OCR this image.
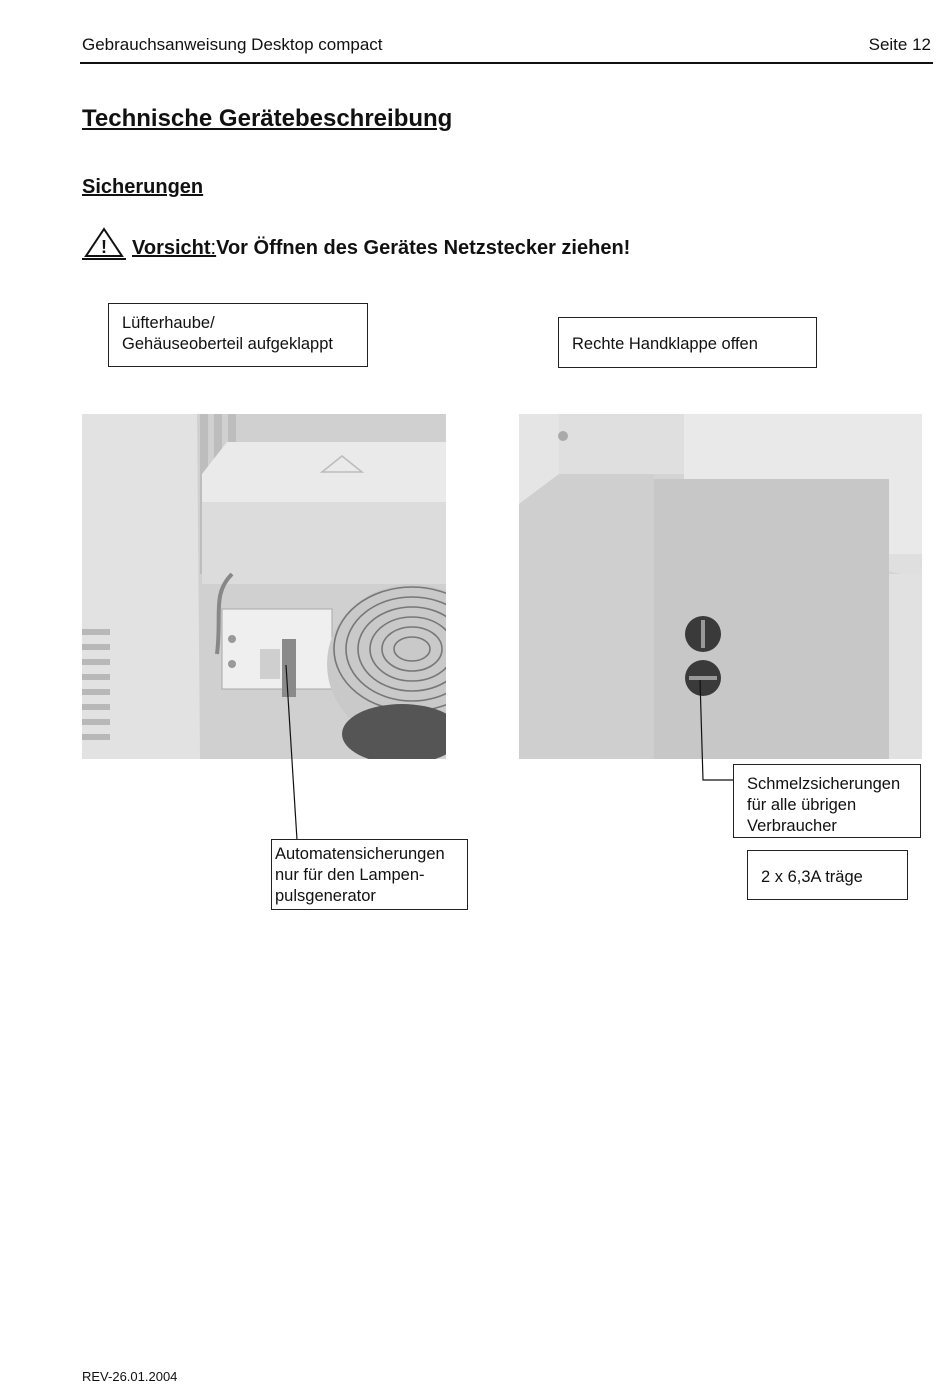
Gebrauchsanweisung Desktop compact	Seite 12
Technische Gerätebeschreibung
Sicherungen
! Vorsicht : Vor Öffnen des Gerätes Netzstecker ziehen!
Lüfterhaube/
Gehäuseoberteil aufgeklappt	Rechte Handklappe offen
Automatensicherungen
nur für den Lampen-
pulsgenerator
Schmelzsicherungen
für alle übrigen
Verbraucher
2 x 6,3A träge
REV-26.01.2004
